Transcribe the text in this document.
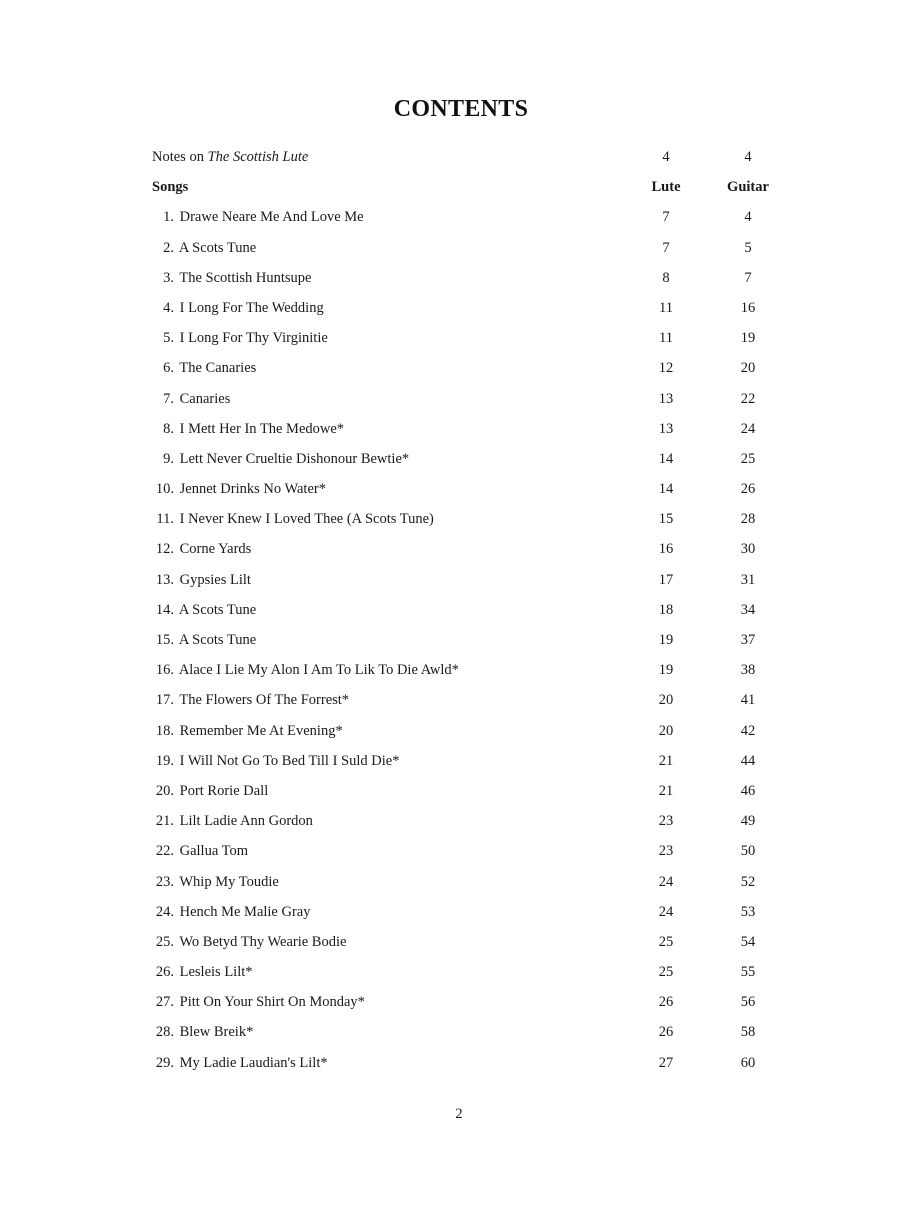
CONTENTS
Notes on The Scottish Lute	4	4
Songs	Lute	Guitar
1. Drawe Neare Me And Love Me	7	4
2. A Scots Tune	7	5
3. The Scottish Huntsupe	8	7
4. I Long For The Wedding	11	16
5. I Long For Thy Virginitie	11	19
6. The Canaries	12	20
7. Canaries	13	22
8. I Mett Her In The Medowe*	13	24
9. Lett Never Crueltie Dishonour Bewtie*	14	25
10. Jennet Drinks No Water*	14	26
11. I Never Knew I Loved Thee (A Scots Tune)	15	28
12. Corne Yards	16	30
13. Gypsies Lilt	17	31
14. A Scots Tune	18	34
15. A Scots Tune	19	37
16. Alace I Lie My Alon I Am To Lik To Die Awld*	19	38
17. The Flowers Of The Forrest*	20	41
18. Remember Me At Evening*	20	42
19. I Will Not Go To Bed Till I Suld Die*	21	44
20. Port Rorie Dall	21	46
21. Lilt Ladie Ann Gordon	23	49
22. Gallua Tom	23	50
23. Whip My Toudie	24	52
24. Hench Me Malie Gray	24	53
25. Wo Betyd Thy Wearie Bodie	25	54
26. Lesleis Lilt*	25	55
27. Pitt On Your Shirt On Monday*	26	56
28. Blew Breik*	26	58
29. My Ladie Laudian's Lilt*	27	60
2
